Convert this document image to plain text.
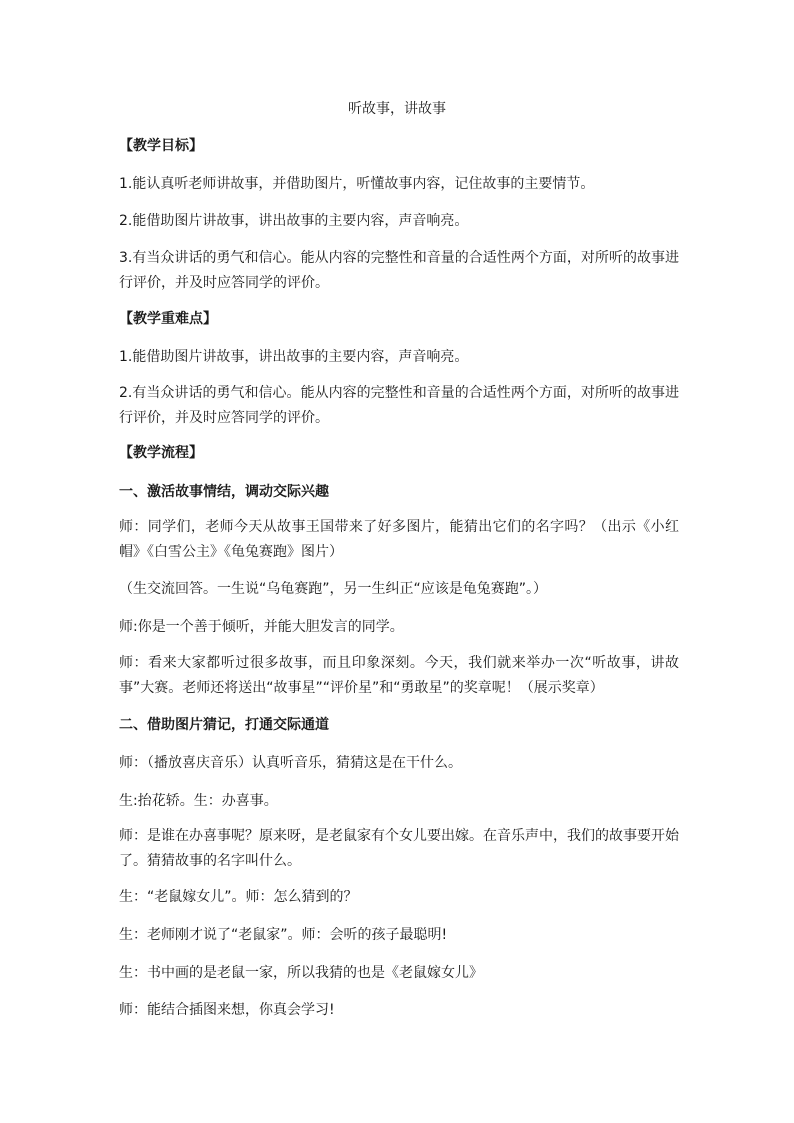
听故事，讲故事
【教学目标】
1.能认真听老师讲故事，并借助图片，听懂故事内容，记住故事的主要情节。
2.能借助图片讲故事，讲出故事的主要内容，声音响亮。
3.有当众讲话的勇气和信心。能从内容的完整性和音量的合适性两个方面，对所听的故事进行评价，并及时应答同学的评价。
【教学重难点】
1.能借助图片讲故事，讲出故事的主要内容，声音响亮。
2.有当众讲话的勇气和信心。能从内容的完整性和音量的合适性两个方面，对所听的故事进行评价，并及时应答同学的评价。
【教学流程】
一、激活故事情结，调动交际兴趣
师：同学们，老师今天从故事王国带来了好多图片，能猜出它们的名字吗？（出示《小红帽》《白雪公主》《龟兔赛跑》图片）
（生交流回答。一生说“乌龟赛跑”，另一生纠正“应该是龟兔赛跑”。）
师:你是一个善于倾听，并能大胆发言的同学。
师：看来大家都听过很多故事，而且印象深刻。今天，我们就来举办一次“听故事，讲故事”大赛。老师还将送出“故事星”“评价星”和“勇敢星”的奖章呢！（展示奖章）
二、借助图片猜记，打通交际通道
师：（播放喜庆音乐）认真听音乐，猜猜这是在干什么。
生:抬花轿。生：办喜事。
师：是谁在办喜事呢？原来呀，是老鼠家有个女儿要出嫁。在音乐声中，我们的故事要开始了。猜猜故事的名字叫什么。
生：“老鼠嫁女儿”。师：怎么猜到的？
生：老师刚才说了“老鼠家”。师：会听的孩子最聪明!
生：书中画的是老鼠一家，所以我猜的也是《老鼠嫁女儿》
师：能结合插图来想，你真会学习!
